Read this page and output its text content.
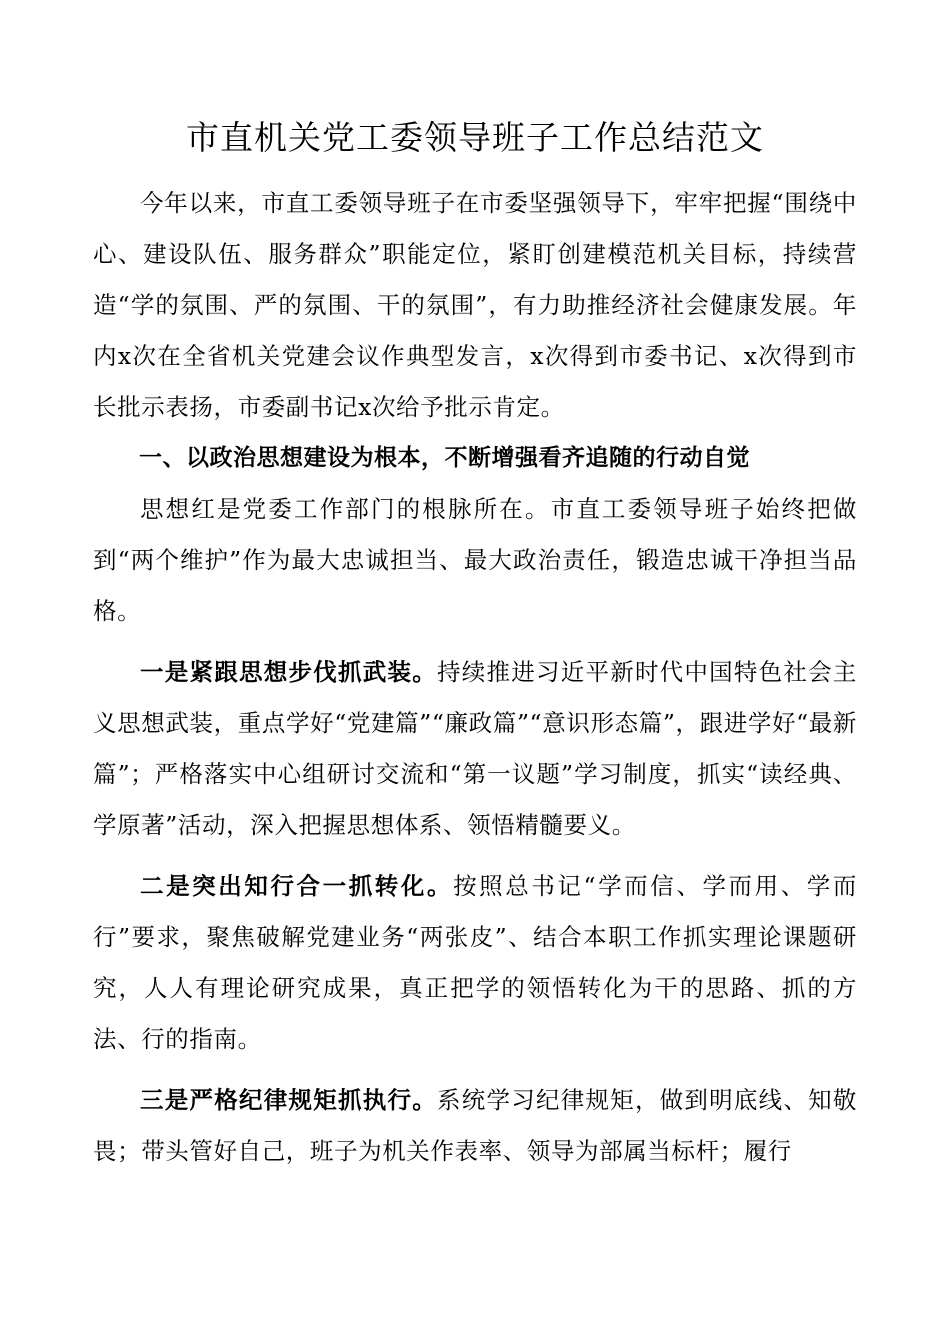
市直机关党工委领导班子工作总结范文

今年以来，市直工委领导班子在市委坚强领导下，牢牢把握“围绕中心、建设队伍、服务群众”职能定位，紧盯创建模范机关目标，持续营造“学的氛围、严的氛围、干的氛围”，有力助推经济社会健康发展。年内x次在全省机关党建会议作典型发言，x次得到市委书记、x次得到市长批示表扬，市委副书记x次给予批示肯定。

一、以政治思想建设为根本，不断增强看齐追随的行动自觉

思想红是党委工作部门的根脉所在。市直工委领导班子始终把做到“两个维护”作为最大忠诚担当、最大政治责任，锻造忠诚干净担当品格。

一是紧跟思想步伐抓武装。持续推进习近平新时代中国特色社会主义思想武装，重点学好“党建篇”“廉政篇”“意识形态篇”，跟进学好“最新篇”；严格落实中心组研讨交流和“第一议题”学习制度，抓实“读经典、学原著”活动，深入把握思想体系、领悟精髓要义。

二是突出知行合一抓转化。按照总书记“学而信、学而用、学而行”要求，聚焦破解党建业务“两张皮”、结合本职工作抓实理论课题研究，人人有理论研究成果，真正把学的领悟转化为干的思路、抓的方法、行的指南。

三是严格纪律规矩抓执行。系统学习纪律规矩，做到明底线、知敬畏；带头管好自己，班子为机关作表率、领导为部属当标杆；履行
